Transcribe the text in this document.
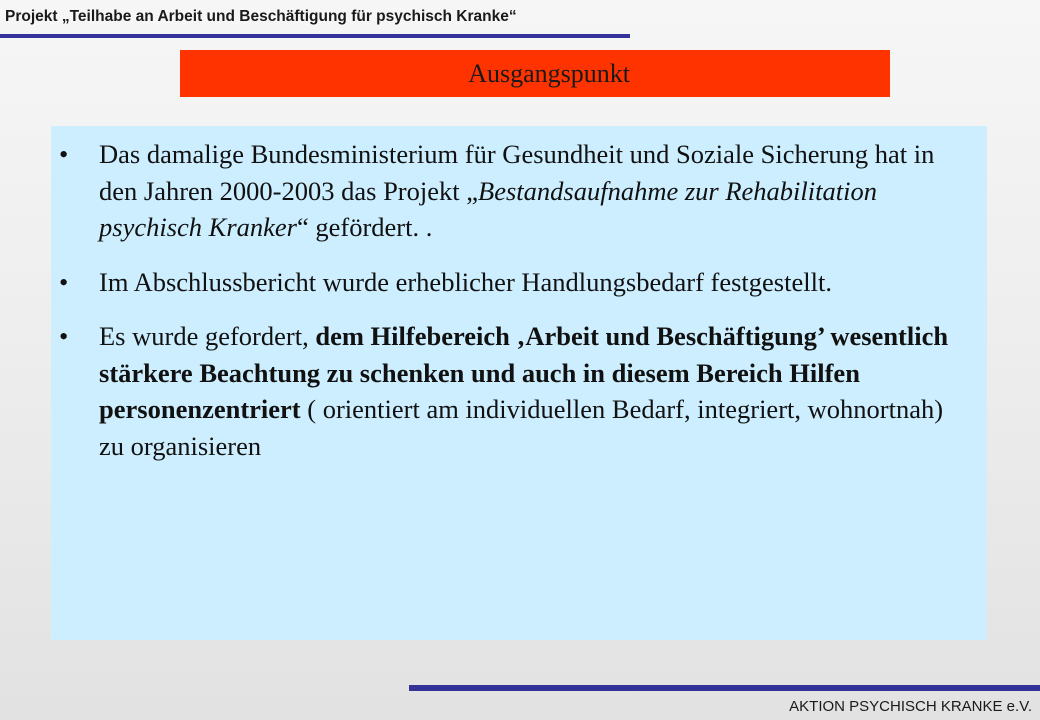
Projekt „Teilhabe an Arbeit und Beschäftigung für psychisch Kranke“
Ausgangspunkt
•	Das damalige Bundesministerium für Gesundheit und Soziale Sicherung hat in den Jahren 2000-2003 das Projekt „Bestandsaufnahme zur Rehabilitation psychisch Kranker“ gefördert. .
•	Im Abschlussbericht wurde erheblicher Handlungsbedarf festgestellt.
•	Es wurde gefordert, dem Hilfebereich ‚Arbeit und Beschäftigung’ wesentlich stärkere Beachtung zu schenken und auch in diesem Bereich Hilfen personenzentriert ( orientiert am individuellen Bedarf, integriert, wohnortnah) zu organisieren
AKTION PSYCHISCH KRANKE e.V.
